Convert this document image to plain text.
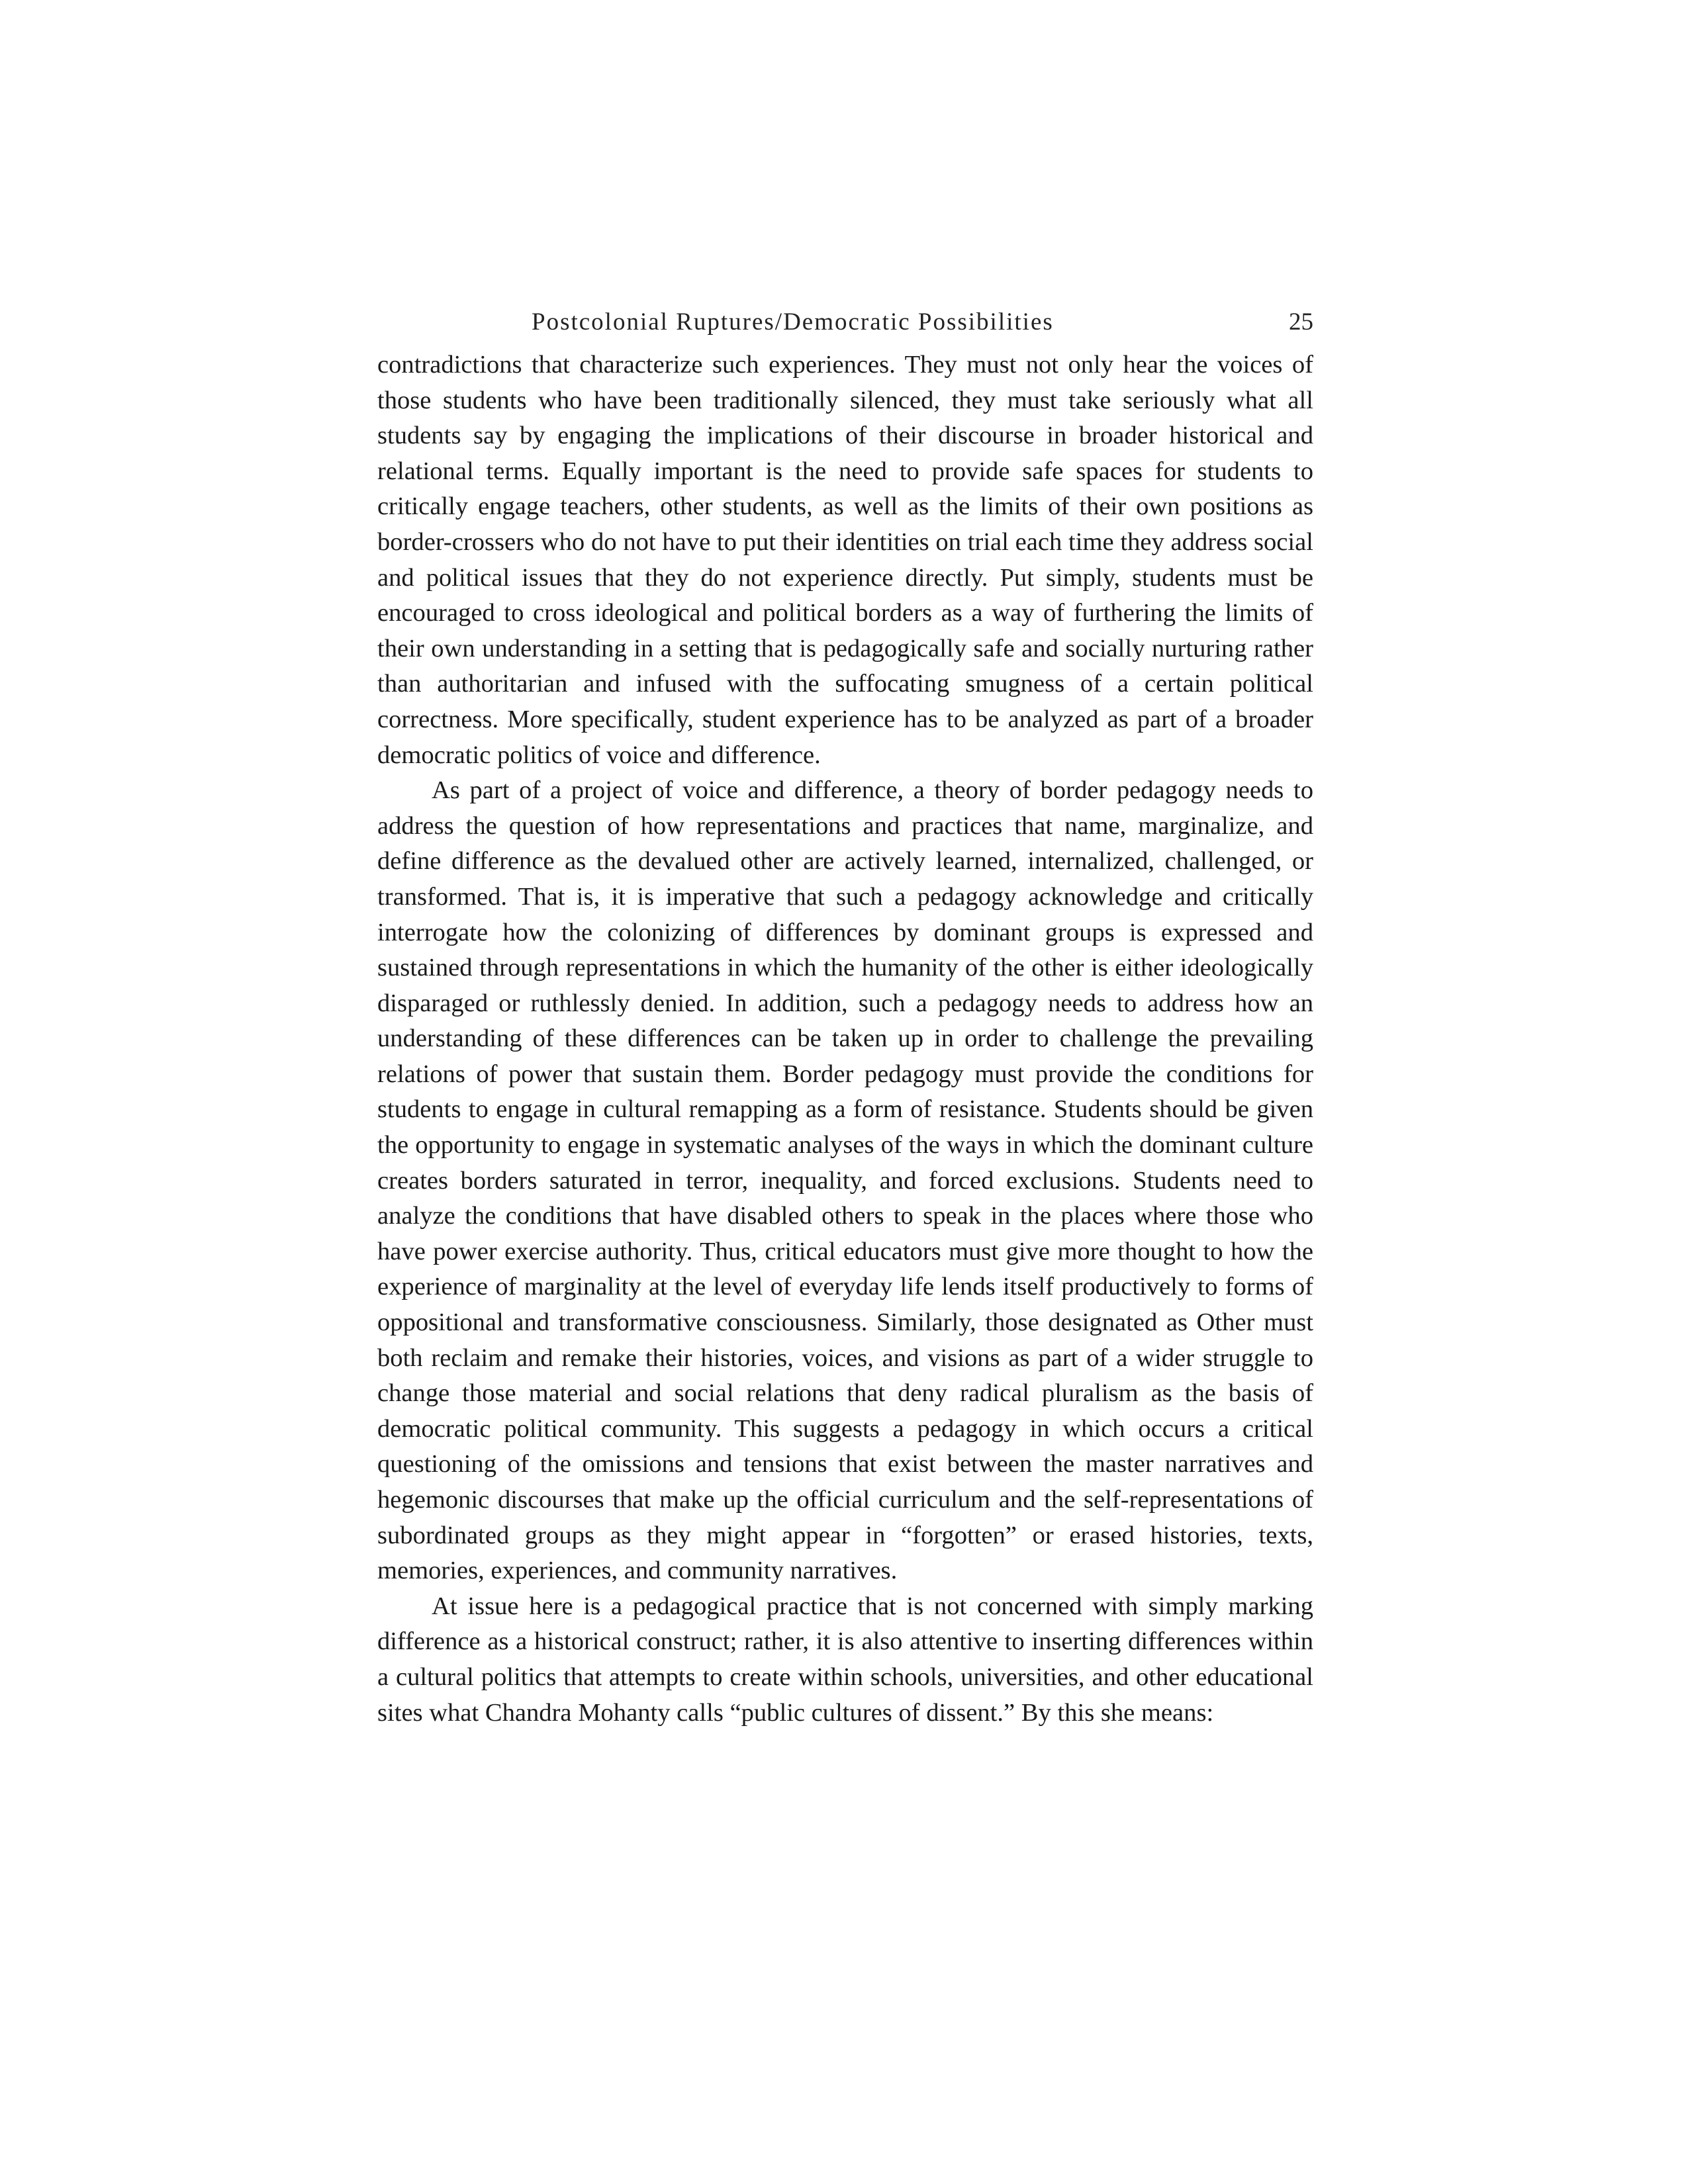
Postcolonial Ruptures/Democratic Possibilities	25

contradictions that characterize such experiences. They must not only hear the voices of those students who have been traditionally silenced, they must take seriously what all students say by engaging the implications of their discourse in broader historical and relational terms. Equally important is the need to provide safe spaces for students to critically engage teachers, other students, as well as the limits of their own positions as border-crossers who do not have to put their identities on trial each time they address social and political issues that they do not experience directly. Put simply, students must be encouraged to cross ideological and political borders as a way of furthering the limits of their own understanding in a setting that is pedagogically safe and socially nurturing rather than authoritarian and infused with the suffocating smugness of a certain political correctness. More specifically, student experience has to be analyzed as part of a broader democratic politics of voice and difference.

As part of a project of voice and difference, a theory of border pedagogy needs to address the question of how representations and practices that name, marginalize, and define difference as the devalued other are actively learned, internalized, challenged, or transformed. That is, it is imperative that such a pedagogy acknowledge and critically interrogate how the colonizing of differences by dominant groups is expressed and sustained through representations in which the humanity of the other is either ideologically disparaged or ruthlessly denied. In addition, such a pedagogy needs to address how an understanding of these differences can be taken up in order to challenge the prevailing relations of power that sustain them. Border pedagogy must provide the conditions for students to engage in cultural remapping as a form of resistance. Students should be given the opportunity to engage in systematic analyses of the ways in which the dominant culture creates borders saturated in terror, inequality, and forced exclusions. Students need to analyze the conditions that have disabled others to speak in the places where those who have power exercise authority. Thus, critical educators must give more thought to how the experience of marginality at the level of everyday life lends itself productively to forms of oppositional and transformative consciousness. Similarly, those designated as Other must both reclaim and remake their histories, voices, and visions as part of a wider struggle to change those material and social relations that deny radical pluralism as the basis of democratic political community. This suggests a pedagogy in which occurs a critical questioning of the omissions and tensions that exist between the master narratives and hegemonic discourses that make up the official curriculum and the self-representations of subordinated groups as they might appear in “forgotten” or erased histories, texts, memories, experiences, and community narratives.

At issue here is a pedagogical practice that is not concerned with simply marking difference as a historical construct; rather, it is also attentive to inserting differences within a cultural politics that attempts to create within schools, universities, and other educational sites what Chandra Mohanty calls “public cultures of dissent.” By this she means:
